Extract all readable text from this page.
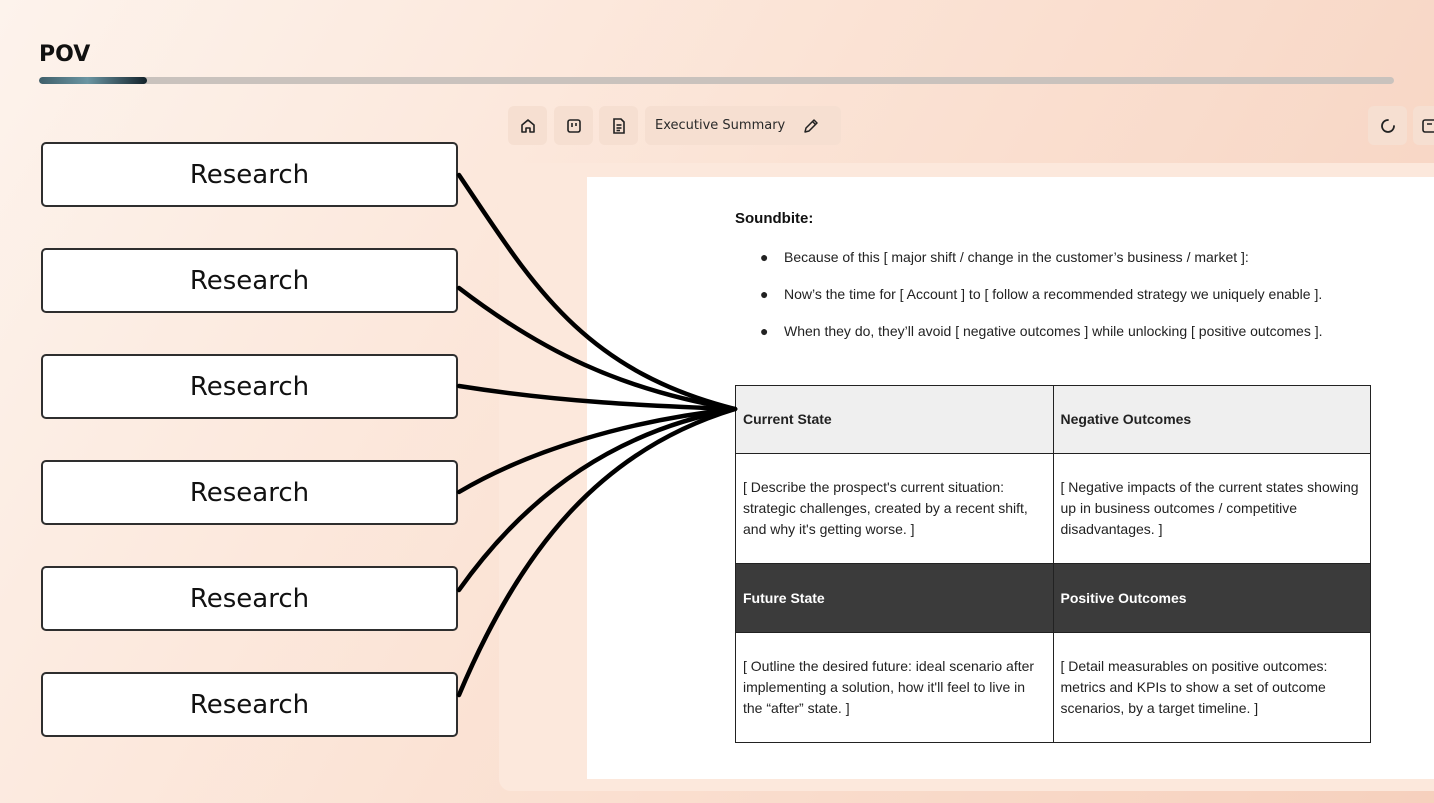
POV
Research
Research
Research
Research
Research
Research
Executive Summary
Soundbite:
● Because of this [ major shift / change in the customer’s business / market ]:
● Now’s the time for [ Account ] to [ follow a recommended strategy we uniquely enable ].
● When they do, they’ll avoid [ negative outcomes ] while unlocking [ positive outcomes ].
Current State	Negative Outcomes
[ Describe the prospect's current situation: strategic challenges, created by a recent shift, and why it's getting worse. ]	[ Negative impacts of the current states showing up in business outcomes / competitive disadvantages. ]
Future State	Positive Outcomes
[ Outline the desired future: ideal scenario after implementing a solution, how it'll feel to live in the “after” state. ]	[ Detail measurables on positive outcomes: metrics and KPIs to show a set of outcome scenarios, by a target timeline. ]
